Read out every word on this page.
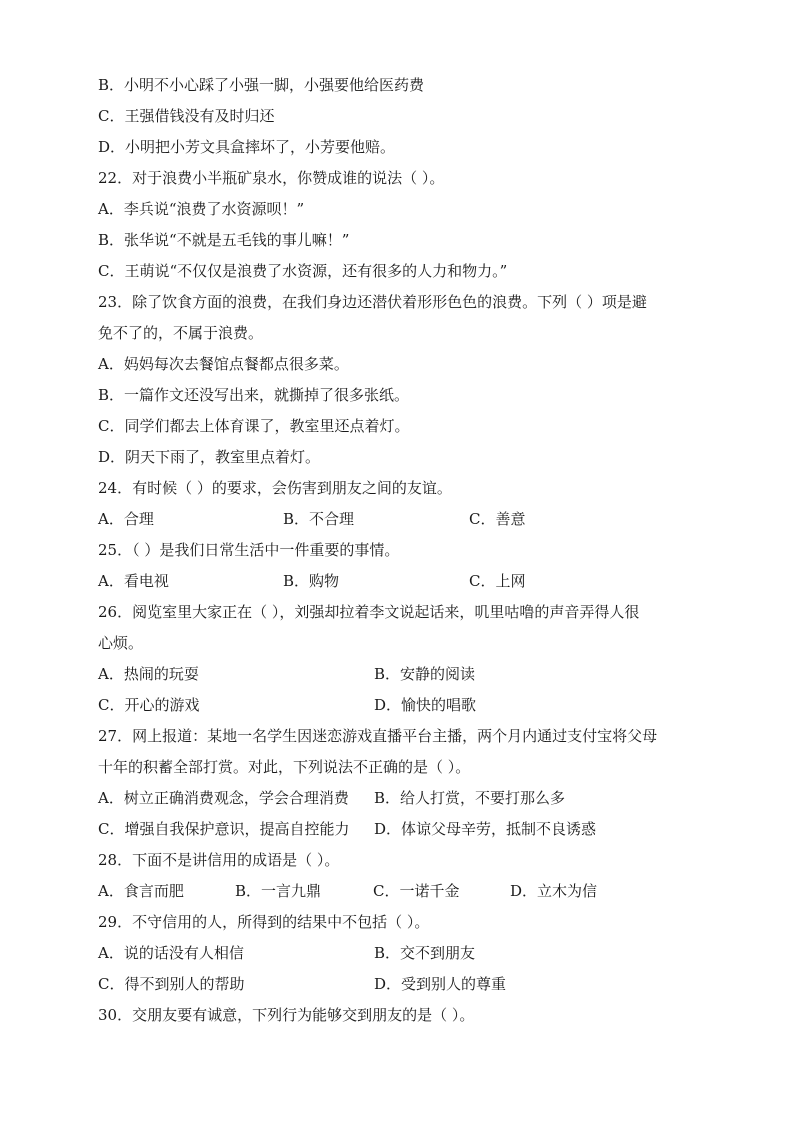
B．小明不小心踩了小强一脚，小强要他给医药费
C．王强借钱没有及时归还
D．小明把小芳文具盒摔坏了，小芳要他赔。
22．对于浪费小半瓶矿泉水，你赞成谁的说法（ ）。
A．李兵说“浪费了水资源呗！”
B．张华说“不就是五毛钱的事儿嘛！”
C．王萌说“不仅仅是浪费了水资源，还有很多的人力和物力。”
23．除了饮食方面的浪费，在我们身边还潜伏着形形色色的浪费。下列（ ）项是避
免不了的，不属于浪费。
A．妈妈每次去餐馆点餐都点很多菜。
B．一篇作文还没写出来，就撕掉了很多张纸。
C．同学们都去上体育课了，教室里还点着灯。
D．阴天下雨了，教室里点着灯。
24．有时候（ ）的要求，会伤害到朋友之间的友谊。
A．合理	B．不合理	C．善意
25．（ ）是我们日常生活中一件重要的事情。
A．看电视	B．购物	C．上网
26．阅览室里大家正在（ ），刘强却拉着李文说起话来，叽里咕噜的声音弄得人很
心烦。
A．热闹的玩耍	B．安静的阅读
C．开心的游戏	D．愉快的唱歌
27．网上报道：某地一名学生因迷恋游戏直播平台主播，两个月内通过支付宝将父母
十年的积蓄全部打赏。对此，下列说法不正确的是（ ）。
A．树立正确消费观念，学会合理消费	B．给人打赏，不要打那么多
C．增强自我保护意识，提高自控能力	D．体谅父母辛劳，抵制不良诱惑
28．下面不是讲信用的成语是（ ）。
A．食言而肥	B．一言九鼎	C．一诺千金	D．立木为信
29．不守信用的人，所得到的结果中不包括（ ）。
A．说的话没有人相信	B．交不到朋友
C．得不到别人的帮助	D．受到别人的尊重
30．交朋友要有诚意，下列行为能够交到朋友的是（ ）。
